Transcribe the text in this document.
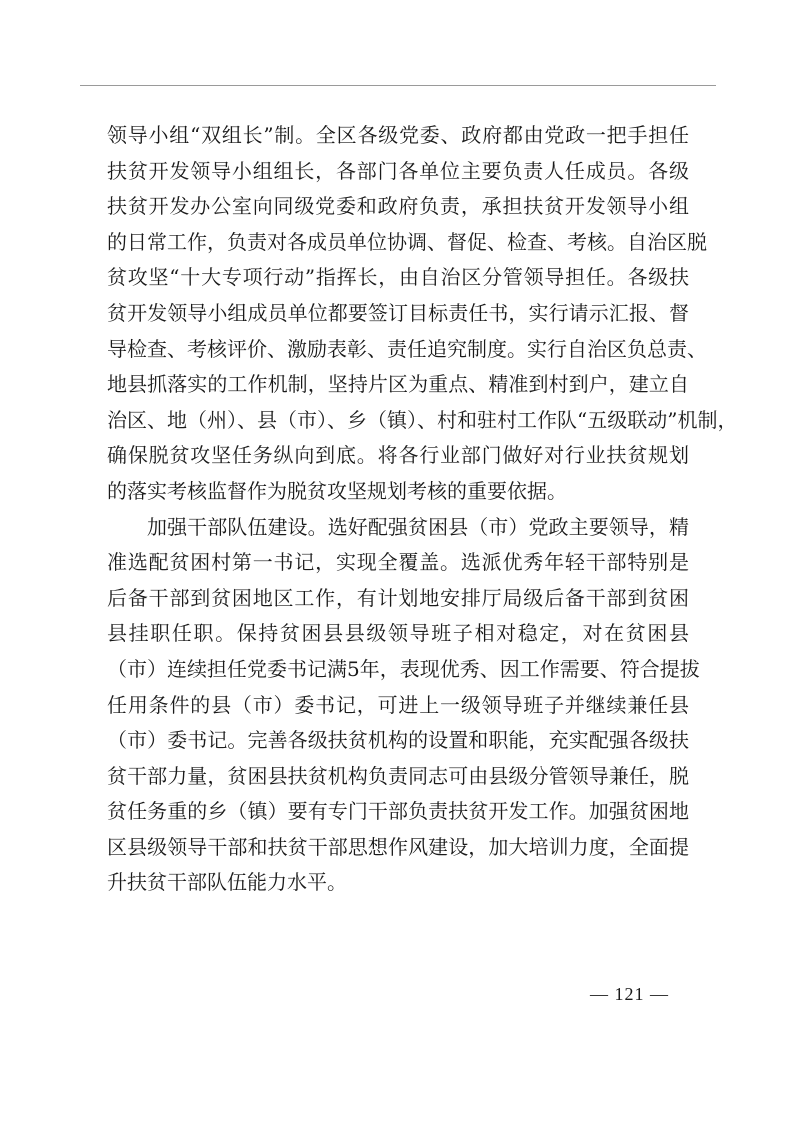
领导小组“双组长”制。全区各级党委、政府都由党政一把手担任
扶贫开发领导小组组长，各部门各单位主要负责人任成员。各级
扶贫开发办公室向同级党委和政府负责，承担扶贫开发领导小组
的日常工作，负责对各成员单位协调、督促、检查、考核。自治区脱
贫攻坚“十大专项行动”指挥长，由自治区分管领导担任。各级扶
贫开发领导小组成员单位都要签订目标责任书，实行请示汇报、督
导检查、考核评价、激励表彰、责任追究制度。实行自治区负总责、
地县抓落实的工作机制，坚持片区为重点、精准到村到户，建立自
治区、地（州）、县（市）、乡（镇）、村和驻村工作队“五级联动”机制，
确保脱贫攻坚任务纵向到底。将各行业部门做好对行业扶贫规划
的落实考核监督作为脱贫攻坚规划考核的重要依据。
加强干部队伍建设。选好配强贫困县（市）党政主要领导，精
准选配贫困村第一书记，实现全覆盖。选派优秀年轻干部特别是
后备干部到贫困地区工作，有计划地安排厅局级后备干部到贫困
县挂职任职。保持贫困县县级领导班子相对稳定，对在贫困县
（市）连续担任党委书记满5年，表现优秀、因工作需要、符合提拔
任用条件的县（市）委书记，可进上一级领导班子并继续兼任县
（市）委书记。完善各级扶贫机构的设置和职能，充实配强各级扶
贫干部力量，贫困县扶贫机构负责同志可由县级分管领导兼任，脱
贫任务重的乡（镇）要有专门干部负责扶贫开发工作。加强贫困地
区县级领导干部和扶贫干部思想作风建设，加大培训力度，全面提
升扶贫干部队伍能力水平。
— 121 —
